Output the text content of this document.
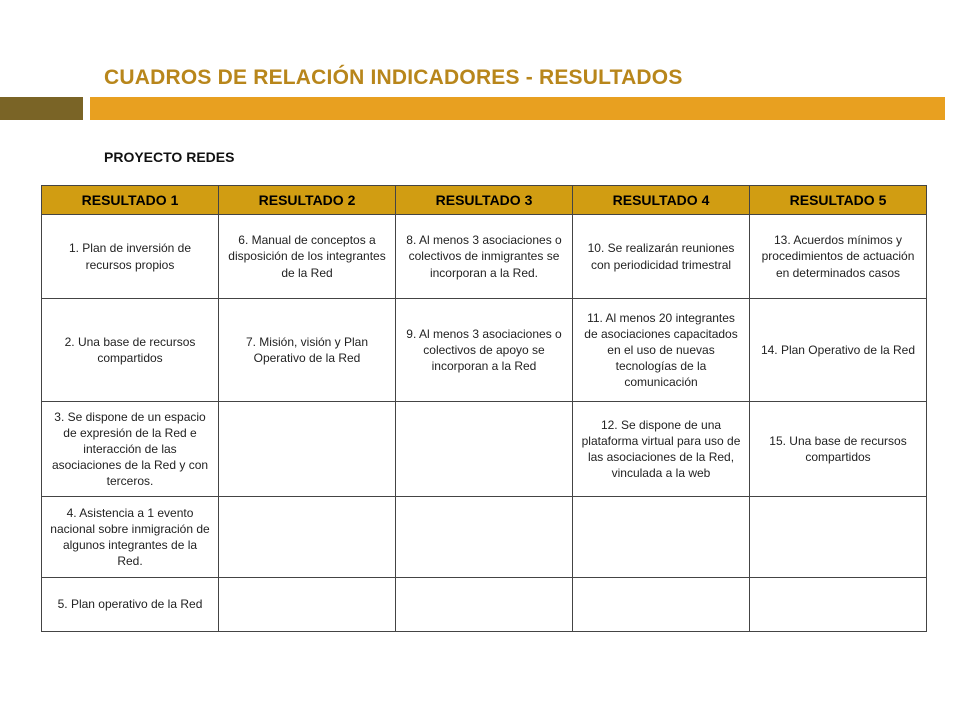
CUADROS DE RELACIÓN INDICADORES - RESULTADOS

PROYECTO REDES

RESULTADO 1	RESULTADO 2	RESULTADO 3	RESULTADO 4	RESULTADO 5
1. Plan de inversión de recursos propios	6. Manual de conceptos a disposición de los integrantes de la Red	8. Al menos 3 asociaciones o colectivos de inmigrantes se incorporan a la Red.	10. Se realizarán reuniones con periodicidad trimestral	13. Acuerdos mínimos y procedimientos de actuación en determinados casos
2. Una base de recursos compartidos	7. Misión, visión y Plan Operativo de la Red	9. Al menos 3 asociaciones o colectivos de apoyo se incorporan a la Red	11. Al menos 20 integrantes de asociaciones capacitados en el uso de nuevas tecnologías de la comunicación	14. Plan Operativo de la Red
3. Se dispone de un espacio de expresión de la Red e interacción de las asociaciones de la Red y con terceros.			12. Se dispone de una plataforma virtual para uso de las asociaciones de la Red, vinculada a la web	15. Una base de recursos compartidos
4. Asistencia a 1 evento nacional sobre inmigración de algunos integrantes de la Red.				
5. Plan operativo de la Red				
